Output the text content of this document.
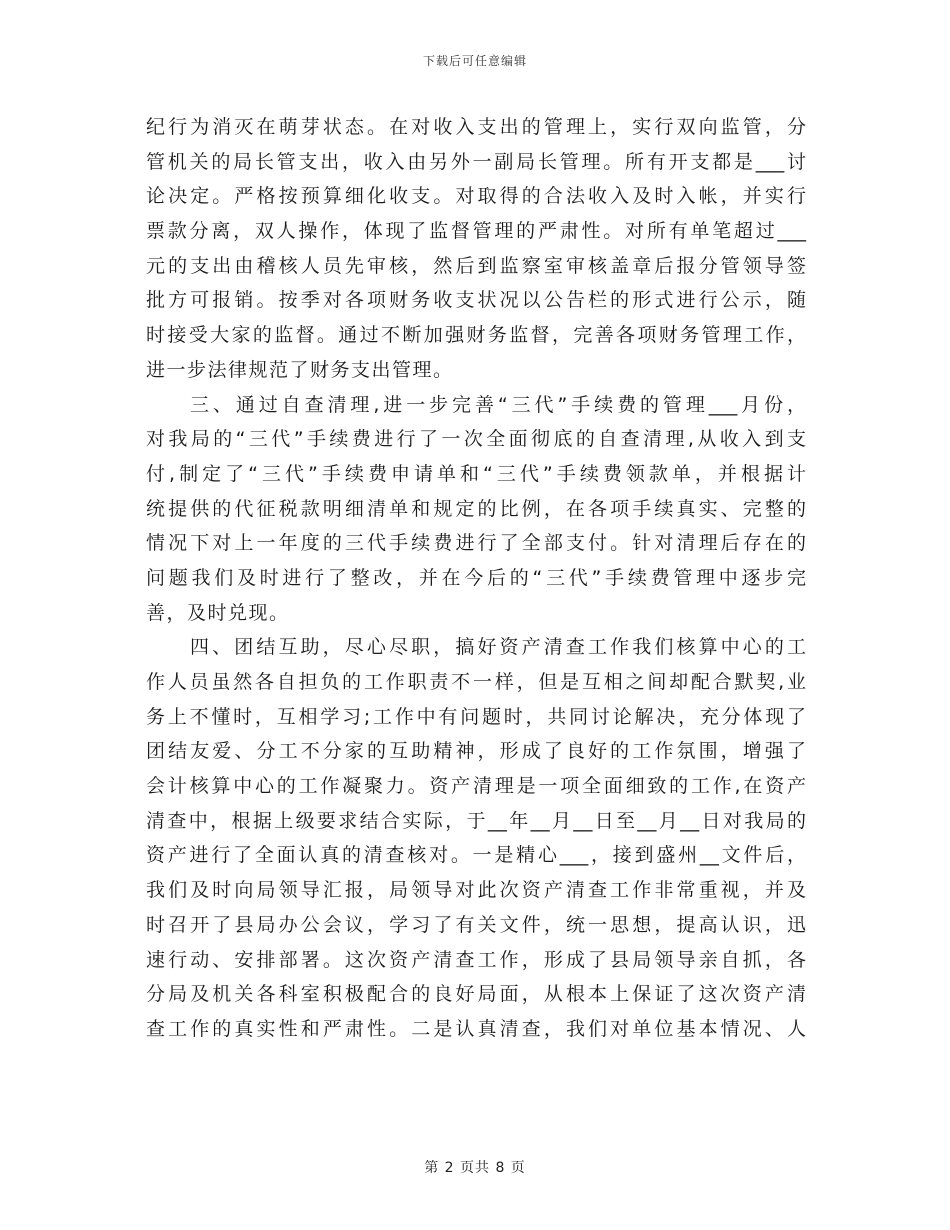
下载后可任意编辑
纪行为消灭在萌芽状态。在对收入支出的管理上，实行双向监管，分
管机关的局长管支出，收入由另外一副局长管理。所有开支都是___讨
论决定。严格按预算细化收支。对取得的合法收入及时入帐，并实行
票款分离，双人操作，体现了监督管理的严肃性。对所有单笔超过___
元的支出由稽核人员先审核，然后到监察室审核盖章后报分管领导签
批方可报销。按季对各项财务收支状况以公告栏的形式进行公示，随
时接受大家的监督。通过不断加强财务监督，完善各项财务管理工作，
进一步法律规范了财务支出管理。
三、通过自查清理,进一步完善“三代”手续费的管理___月份，
对我局的“三代”手续费进行了一次全面彻底的自查清理,从收入到支
付,制定了“三代”手续费申请单和“三代”手续费领款单，并根据计
统提供的代征税款明细清单和规定的比例，在各项手续真实、完整的
情况下对上一年度的三代手续费进行了全部支付。针对清理后存在的
问题我们及时进行了整改，并在今后的“三代”手续费管理中逐步完
善，及时兑现。
四、团结互助，尽心尽职，搞好资产清查工作我们核算中心的工
作人员虽然各自担负的工作职责不一样，但是互相之间却配合默契,业
务上不懂时，互相学习;工作中有问题时，共同讨论解决，充分体现了
团结友爱、分工不分家的互助精神，形成了良好的工作氛围，增强了
会计核算中心的工作凝聚力。资产清理是一项全面细致的工作,在资产
清查中，根据上级要求结合实际，于__年__月__日至__月__日对我局的
资产进行了全面认真的清查核对。一是精心___，接到盛州__文件后，
我们及时向局领导汇报，局领导对此次资产清查工作非常重视，并及
时召开了县局办公会议，学习了有关文件，统一思想，提高认识，迅
速行动、安排部署。这次资产清查工作，形成了县局领导亲自抓，各
分局及机关各科室积极配合的良好局面，从根本上保证了这次资产清
查工作的真实性和严肃性。二是认真清查，我们对单位基本情况、人
第 2 页共 8 页
